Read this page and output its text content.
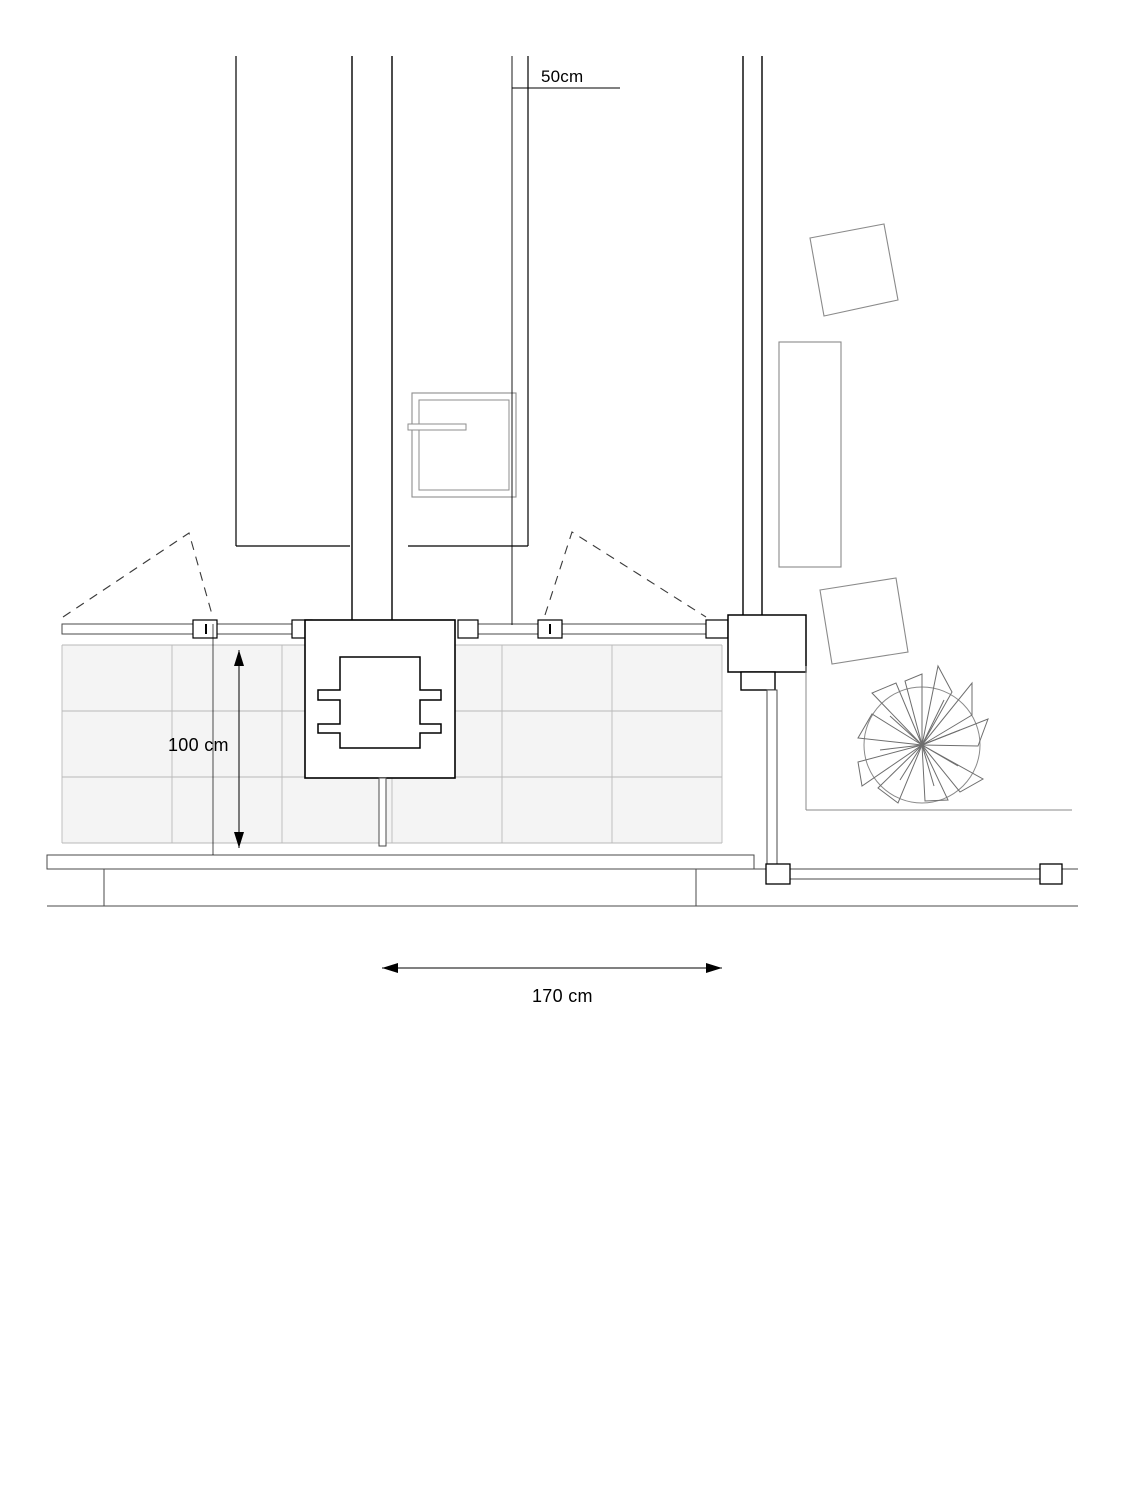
50cm
100 cm
170 cm
